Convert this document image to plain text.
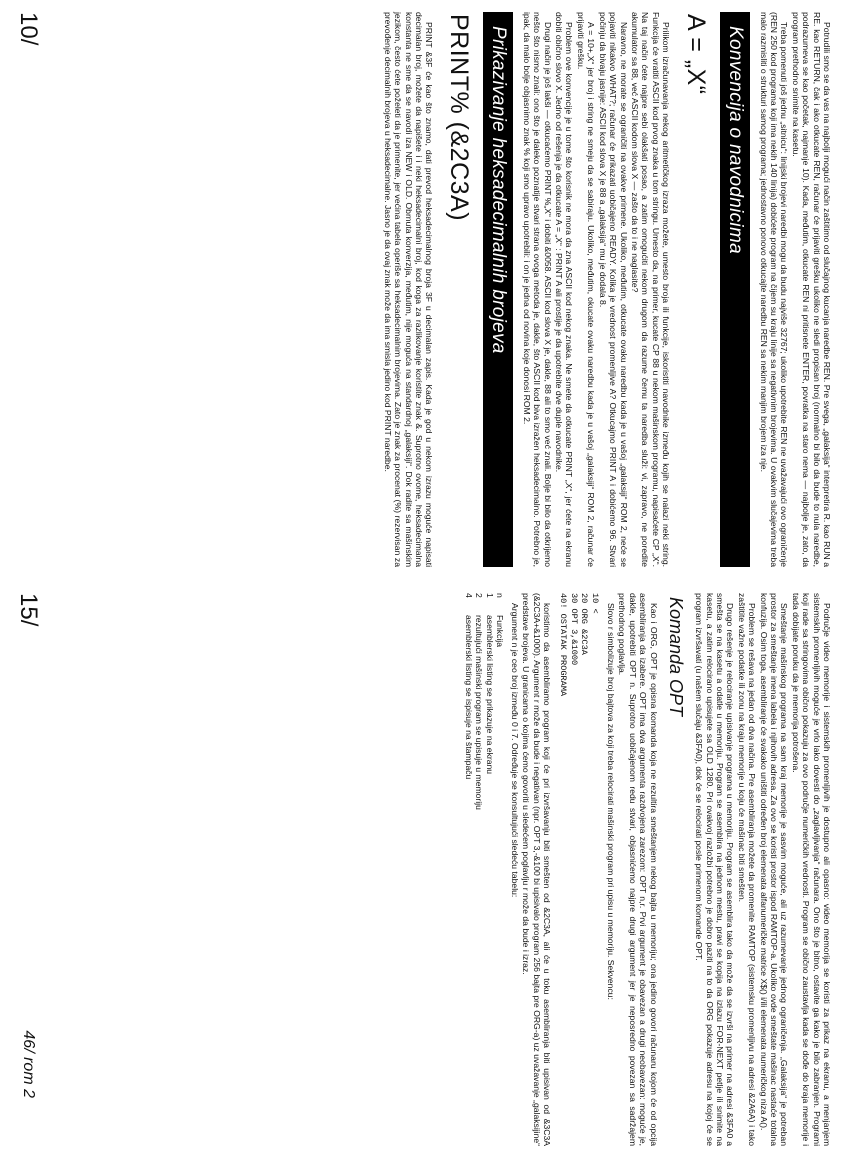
Potrudili smo se da vas na najbolji mogući način zaštitimo od slučajnog kucanja naredbe REN. Pre svega, „galaksija“ interpretira R. kao RUN a RE. kao RETURN, čak i ako otkucate REN, računar će prijaviti grešku ukoliko ne sledi propisan broj (normalno bi bilo da bude to nula naredbe, podrazumeva se kao početak, najmanje 10). Kada, međutim, otkucate REN ni pritisnete ENTER, povratka na staro nema — najbolje je, zato, da program prethodno snimite na kasetu.

Treba pomenuti još jednu „sitnicu“: linijski brojevi naredbi mogu da budu najviše 32767; ukoliko upotrebite REN ne uvažavajući ovo ograničenje (REN 250 kod programa koji ima nekih 140 linija) dobićete program na čijem su kraju linije sa negativnim brojevima. U ovakvim slučajevima treba malo razmisliti o strukturi samog programa; jednostavno ponovo otkucajte naredbu REN sa nekim manjim brojem iza nje.

Konvencija o navodnicima
A = „X“

Prilikom izračunavanja nekog aritmetičkog izraza možete, umesto broja ili funkcije, iskoristiti navodnike između kojih se nalazi neki string. Funkcija će vratiti ASCII kod prvog znaka u tom stringu. Umesto da, na primer, kucate CP 88 u nekom mašinskom programu, napisaćete CP „X“. Na taj način ćete najpre sebi olakšati posao, a zatim omogućiti nekom drugom da razume čemu ta naredba služi: vi, zapravo, ne poredite akumulator sa 88, već ASCII kodom slova X — zašto da to i ne naglasite?

Naravno, ne morate se ograničiti na ovakve primene. Ukoliko, međutim, otkucate ovaku naredbu kada je u vašoj „galaksiji“ ROM 2, neće se pojaviti nikakvo WHAT?; računar će prikazati uobičajeno READY. Kolika je vrednost promenljive A? Otkucajmo PRINT A i dobićemo 96. Stvari počinju da bivaju jasnije: ASCII kod slova X je 88 a „galaksija“ mu je dodala 8.

A = 10+„X“ jer broj i string ne smeju da se sabiraju. Ukoliko, međutim, okucate ovaku naredbu kada je u vašoj „galaksiji“ ROM 2, računar će prijaviti grešku.

Problem ove konvencije je u tome što korisnik ne mora da zna ASCII kod nekog znaka. Ne smete da otkucate PRINT „X“, jer ćete na ekranu dobiti obično slovo X. Jedno od rešenja je da otkucate A = „X“ : PRINT A ali prostije je da upotrebite dve duple navodnike.

Drugi način je još lakši — otkucaćemo PRINT %„X“ i dobiti &0058. ASCII kod slova X je, dakle, 88 ali to smo već znali. Bolje bi bilo da otkrijemo nešto što nismo znali: ono što je daleko poznatije stvari strana ovoga metoda je, dakle, što ASCII kod biva izražen heksadecimalno. Potrebno je, ipak, da malo bolje objasnimo znak % koji smo upravo upotrebili: i on je jedna od novina koje donosi ROM 2.

Prikazivanje heksadecimalnih brojeva
PRINT% (&2C3A)

PRINT &3F će kao što znamo, dati prevod heksadecimalnog broja 3F u decimalan zapis. Kada je god u nekom izrazu moguće napisati decimalan broj, možete da napišete i i neki heksadecimalni broj, kod koga za razlikovanje koristite znak &. Suprotno ovome, heksadecimalna konstanta ne sme da se navodi iza NEW i OLD. Obrnuta konverzija, međutim, nije moguća na standardnoj „galaksiji“. Dok radite sa mašinskim jezikom, često ćete poželeti da je primenite, jer većina tabela operiše sa heksadecimalnim brojevima. Zato je znak za procenat (%) rezervisan za prevođenje decimalnih brojeva u heksadecimalne. Jasno je da ovaj znak može da ima smisla jedino kod PRINT naredbe.

10/

Područje video memorije i sistemskih promenljivih je dostupno ali opasno: video memorija se koristi za prikaz na ekranu, a menjanjem sistemskih promenljivih moguće je vrlo lako dovesti do „zaglavljivanja“ računara. Ono što je bitno, ostavite ga kako je bilo zabranjen. Programi koji rade sa stringovima obično pokazuju za ovo područje numeričkih vrednosti. Program se obično zaustavlja kada se dođe do kraja memorije i tada dobijate poruku da je memorija potrošena.

Smeštanje mašinskog programa na sam kraj memorije je sasvim moguće, ali uz razumevanje jednog ograničenja. „Galaksija“ je potreban prostor za smeštanje imena labela i njihovih adresa. Za ovo se koristi prostor ispod RAMTOP-a. Ukoliko ovde smeštate mašinac nastaće totalna konfuzija. Osim toga, asembliranje će svakako uništiti određen broj elemenata alfanumeričke matrice X$() i/ili elemenata numeričkog niza A().

Problem se rešava na jedan od dva načina. Pre asembliranja možete da promenite RAMTOP (sistemsku promenljivu na adresi &2A6A) i tako zaštitite važne podatke ili zonu na kraju memorije u koju će mašinac biti smešten.

Drugo rešenje je relociranje upisivanje programa u memoriju. Program se asemblira tako da može da se izvrši na primer na adresi &3FA0 a smešta se na kasetu a odatle u memoriju. Program se asemblira na jednom mestu, pravi se kopija na izlazu FOR-NEXT petlje ili snimite na kasetu, a zatim relocirano upisujete sa OLD 1280. Pri ovakvoj razložbi potrebno je dobro paziti na to da ORG pokazuje adresu na kojoj će se program izvršavati (u našem slučaju &3FA0), dok će se relocirati posle primenom komande OPT.

Komanda OPT

Kao i ORG, OPT je opisna komanda koja ne rezultira smeštanjem nekog bajta u memoriju; ona jedino govori računaru kojom će od opcija asembliranja da izabere. OPT ima dva argumenta razdvojena zarezom: OPT n,r. Prvi argument je obavezan a drugi neobavezan: moguće je, dakle, upotrebiti OPT n. Suprotno uobičajenom redu stvari, objasnićemo najpre drugi argument jer je neposredno povezan sa sadržajem prethodnog poglavlja.

Slovo r simbolizuje broj bajtova za koji treba relocirati mašinski program pri upisu u memoriju. Sekvencu:

10 <
20 ORG &2C3A
30 OPT 3,&1000
40! OSTATAK PROGRAMA

koristimo da asembliramo program koji će pri izvršavanju biti smešten od &2C3A, ali će u toku asembliranja biti upisivan od &3C3A (&2C3A+&1000). Argument r može da bude i negativan (npr. OPT 3,-&100 bi upisivalo program 256 bajta pre ORG-a) uz uvažavanje „galaksijine“ predstave brojeva. U granicama o kojima ćemo govoriti u sledećem poglavlju r može da bude i izraz.

Argument n je ceo broj između 0 i 7. Određuje se konsultujući sledeću tabelu:

n
Funkcija
1
asemblerski listing se prikazuje na ekranu
2
rezultujući mašinski program se upisuje u memoriju
4
asemblerski listing se ispisuje na štampaču
15/
46/ rom 2
